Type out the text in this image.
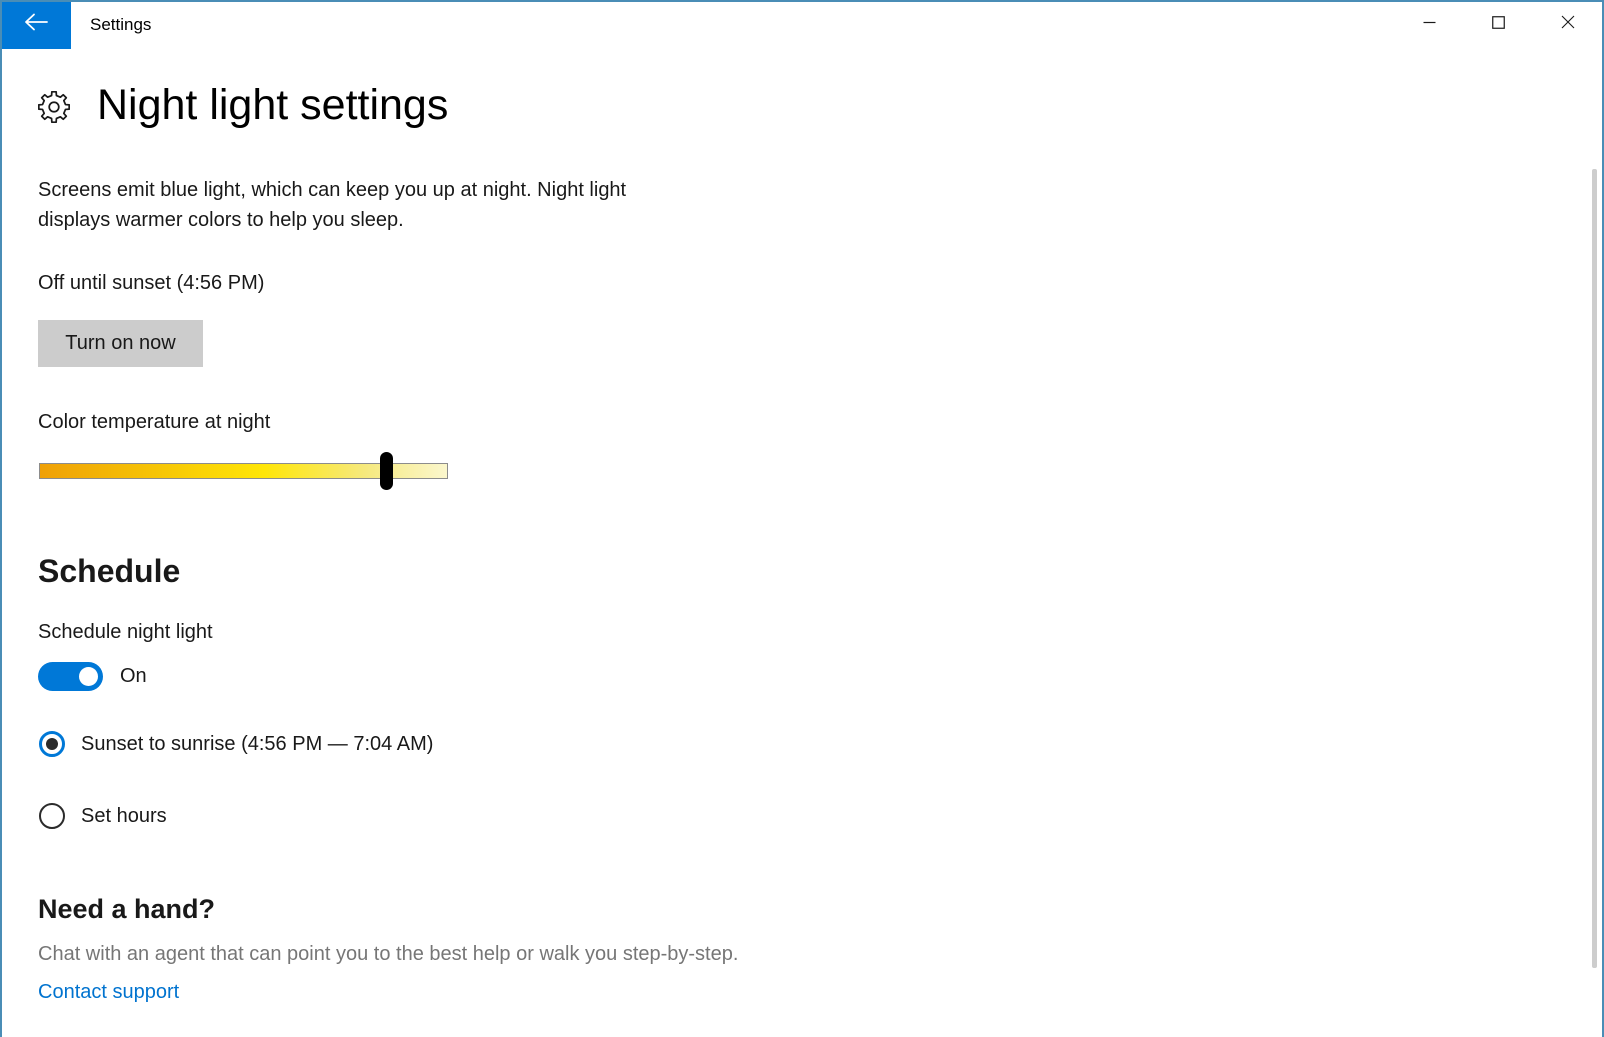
Settings
Night light settings
Screens emit blue light, which can keep you up at night. Night light
displays warmer colors to help you sleep.
Off until sunset (4:56 PM)
Turn on now
Color temperature at night
Schedule
Schedule night light
On
Sunset to sunrise (4:56 PM — 7:04 AM)
Set hours
Need a hand?
Chat with an agent that can point you to the best help or walk you step-by-step.
Contact support
